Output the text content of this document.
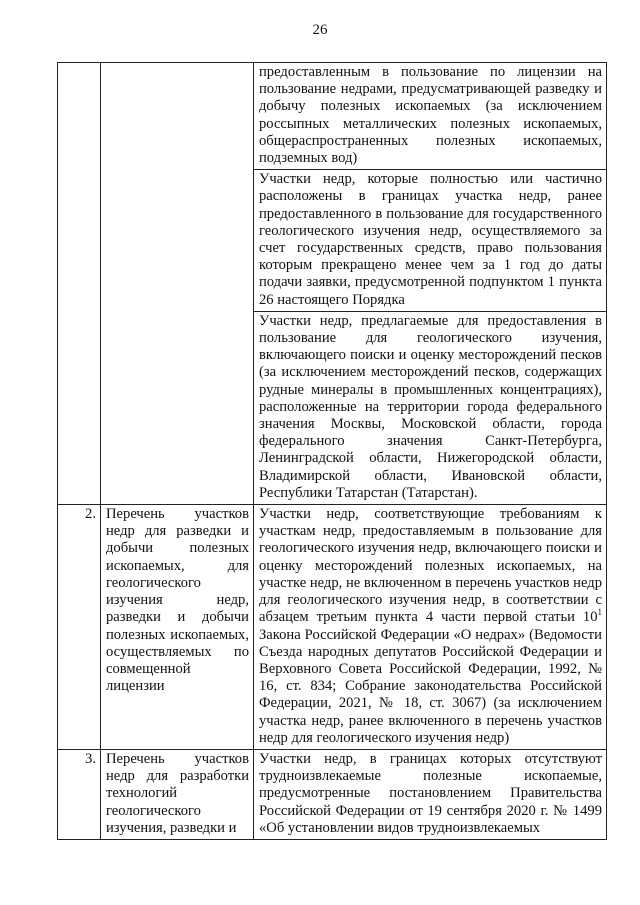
26
		предоставленным в пользование по лицензии на пользование недрами, предусматривающей разведку и добычу полезных ископаемых (за исключением россыпных металлических полезных ископаемых, общераспространенных полезных ископаемых, подземных вод)
		Участки недр, которые полностью или частично расположены в границах участка недр, ранее предоставленного в пользование для государственного геологического изучения недр, осуществляемого за счет государственных средств, право пользования которым прекращено менее чем за 1 год до даты подачи заявки, предусмотренной подпунктом 1 пункта 26 настоящего Порядка
		Участки недр, предлагаемые для предоставления в пользование для геологического изучения, включающего поиски и оценку месторождений песков (за исключением месторождений песков, содержащих рудные минералы в промышленных концентрациях), расположенные на территории города федерального значения Москвы, Московской области, города федерального значения Санкт-Петербурга, Ленинградской области, Нижегородской области, Владимирской области, Ивановской области, Республики Татарстан (Татарстан).
2.	Перечень участков недр для разведки и добычи полезных ископаемых, для геологического изучения недр, разведки и добычи полезных ископаемых, осуществляемых по совмещенной лицензии	Участки недр, соответствующие требованиям к участкам недр, предоставляемым в пользование для геологического изучения недр, включающего поиски и оценку месторождений полезных ископаемых, на участке недр, не включенном в перечень участков недр для геологического изучения недр, в соответствии с абзацем третьим пункта 4 части первой статьи $10^1$ Закона Российской Федерации «О недрах» (Ведомости Съезда народных депутатов Российской Федерации и Верховного Совета Российской Федерации, 1992, № 16, ст. 834; Собрание законодательства Российской Федерации, 2021, № 18, ст. 3067) (за исключением участка недр, ранее включенного в перечень участков недр для геологического изучения недр)
3.	Перечень участков недр для разработки технологий геологического изучения, разведки и	Участки недр, в границах которых отсутствуют трудноизвлекаемые полезные ископаемые, предусмотренные постановлением Правительства Российской Федерации от 19 сентября 2020 г. № 1499 «Об установлении видов трудноизвлекаемых
